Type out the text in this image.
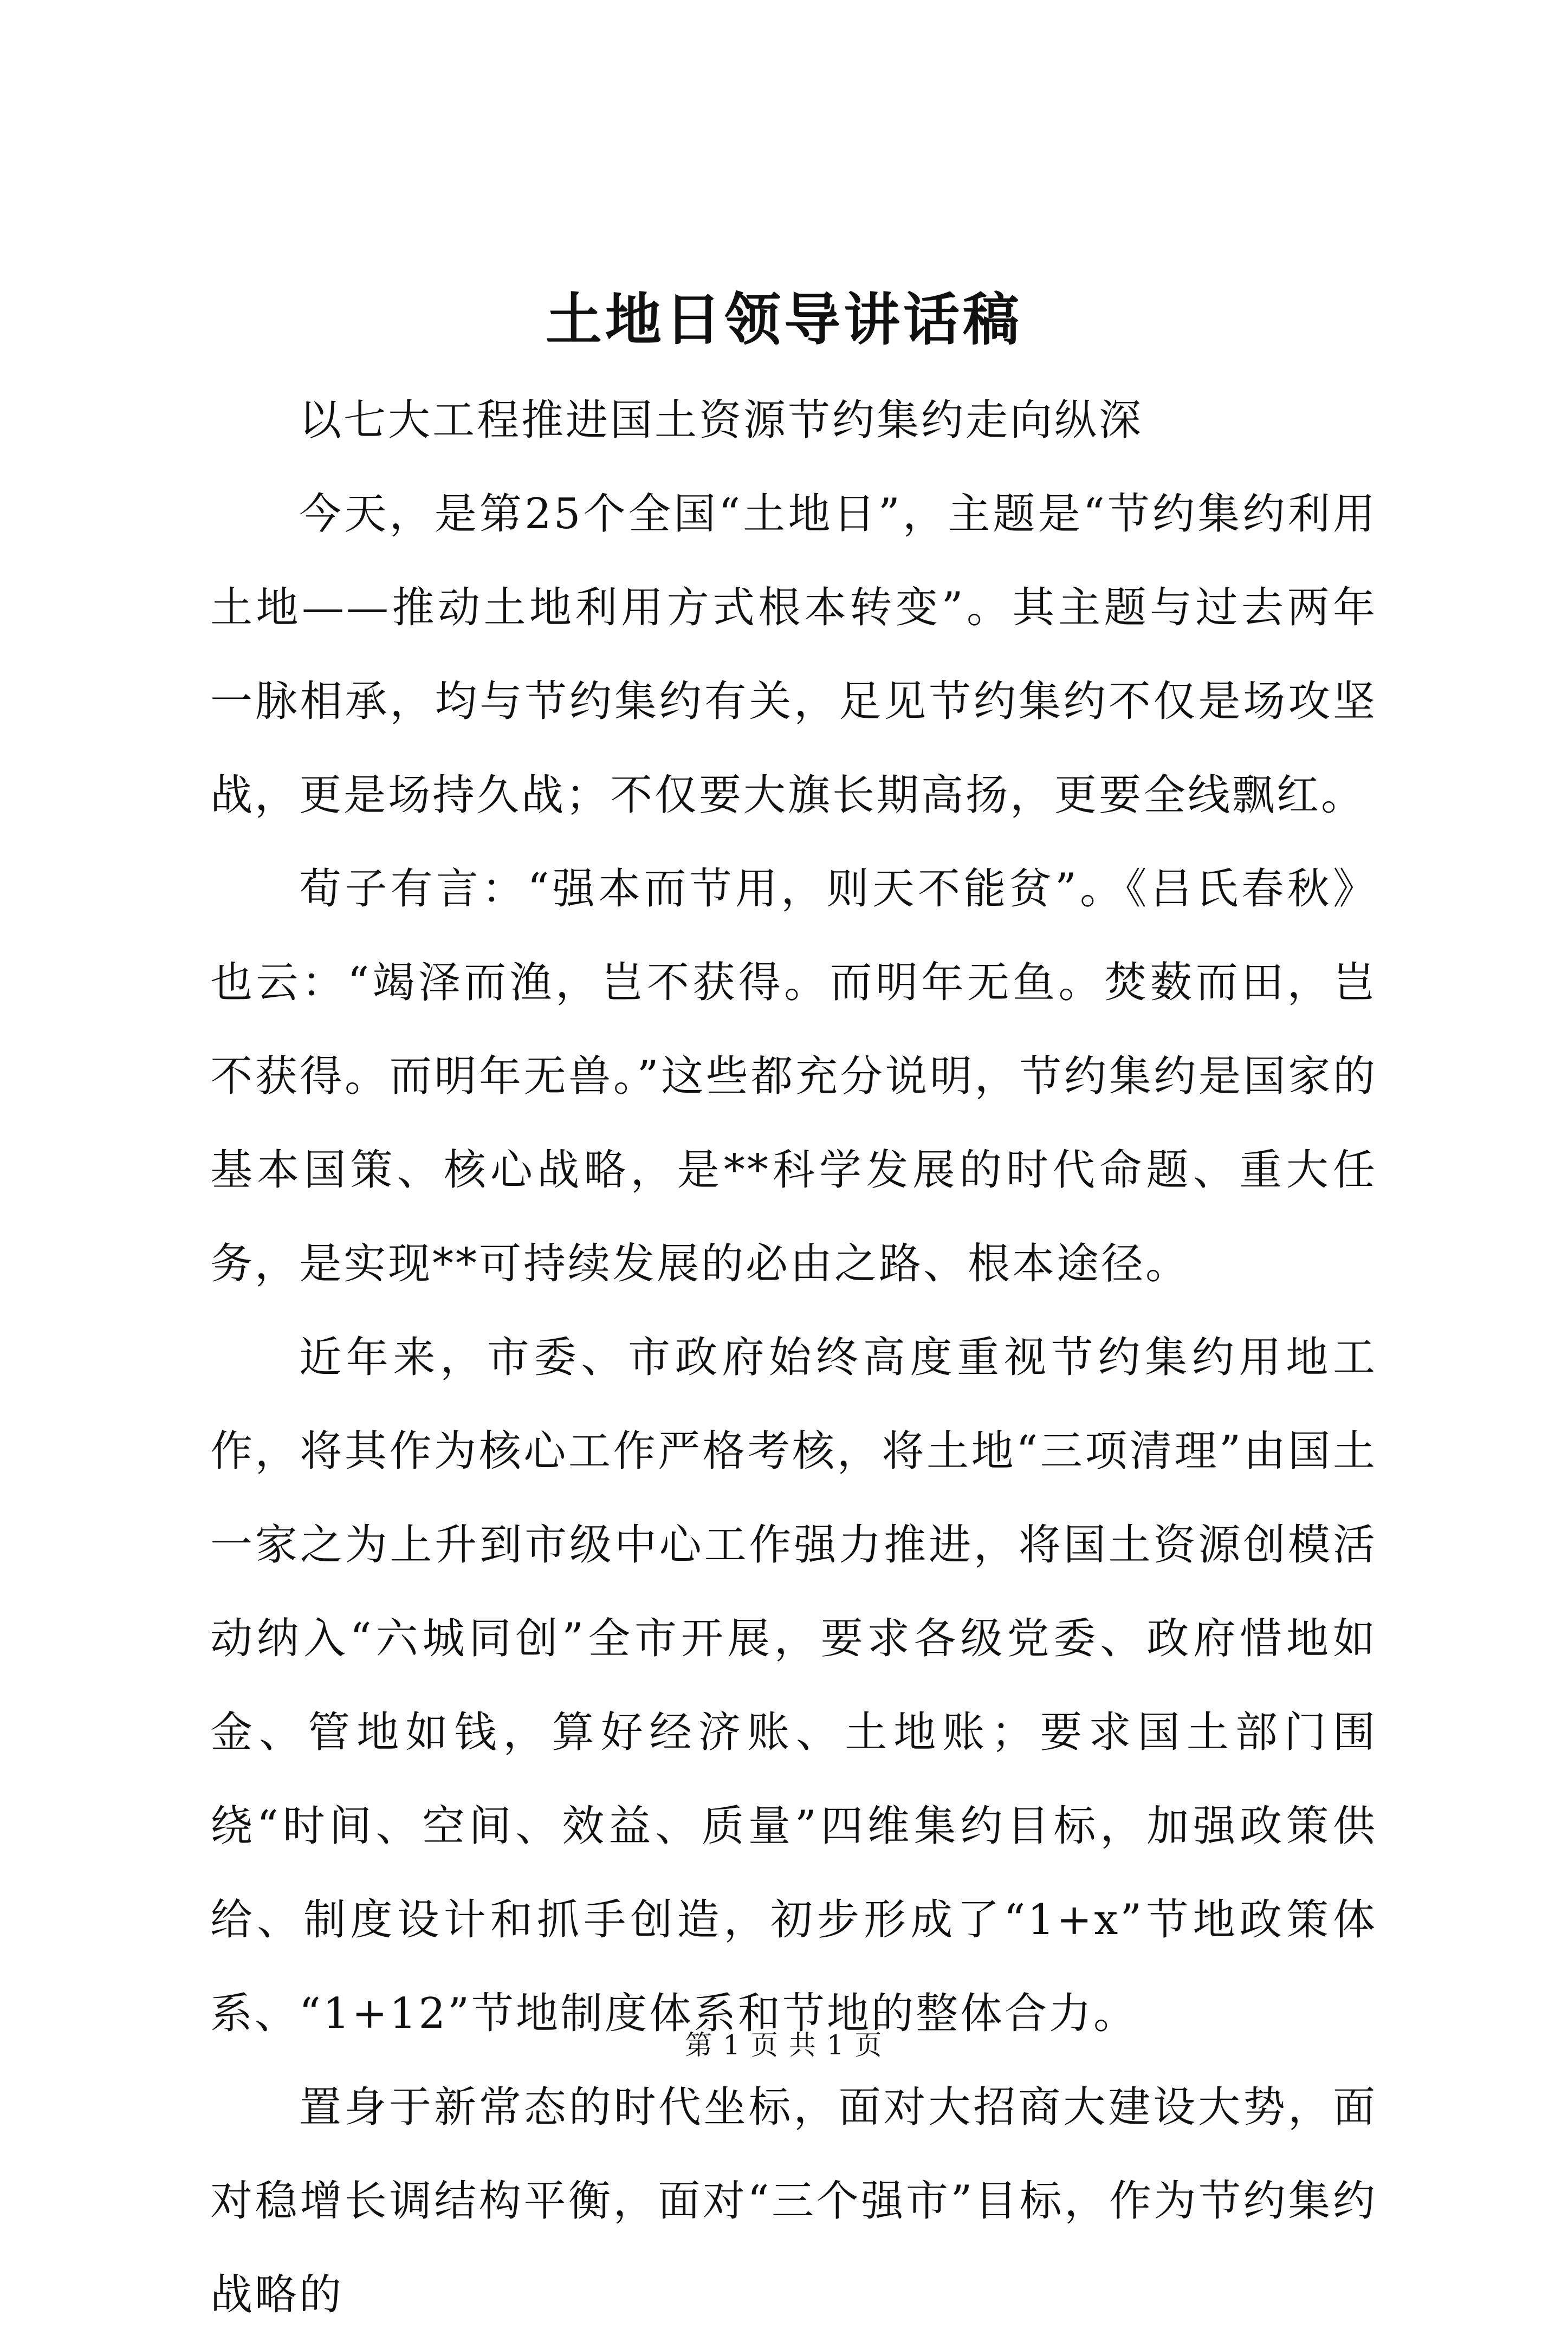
土地日领导讲话稿

以七大工程推进国土资源节约集约走向纵深

今天，是第25个全国“土地日”，主题是“节约集约利用土地——推动土地利用方式根本转变”。其主题与过去两年一脉相承，均与节约集约有关，足见节约集约不仅是场攻坚战，更是场持久战；不仅要大旗长期高扬，更要全线飘红。

荀子有言：“强本而节用，则天不能贫”。《吕氏春秋》也云：“竭泽而渔，岂不获得。而明年无鱼。焚薮而田，岂不获得。而明年无兽。”这些都充分说明，节约集约是国家的基本国策、核心战略，是**科学发展的时代命题、重大任务，是实现**可持续发展的必由之路、根本途径。

近年来，市委、市政府始终高度重视节约集约用地工作，将其作为核心工作严格考核，将土地“三项清理”由国土一家之为上升到市级中心工作强力推进，将国土资源创模活动纳入“六城同创”全市开展，要求各级党委、政府惜地如金、管地如钱，算好经济账、土地账；要求国土部门围绕“时间、空间、效益、质量”四维集约目标，加强政策供给、制度设计和抓手创造，初步形成了“1+x”节地政策体系、“1+12”节地制度体系和节地的整体合力。

置身于新常态的时代坐标，面对大招商大建设大势，面对稳增长调结构平衡，面对“三个强市”目标，作为节约集约战略的

第 1 页 共 1 页
